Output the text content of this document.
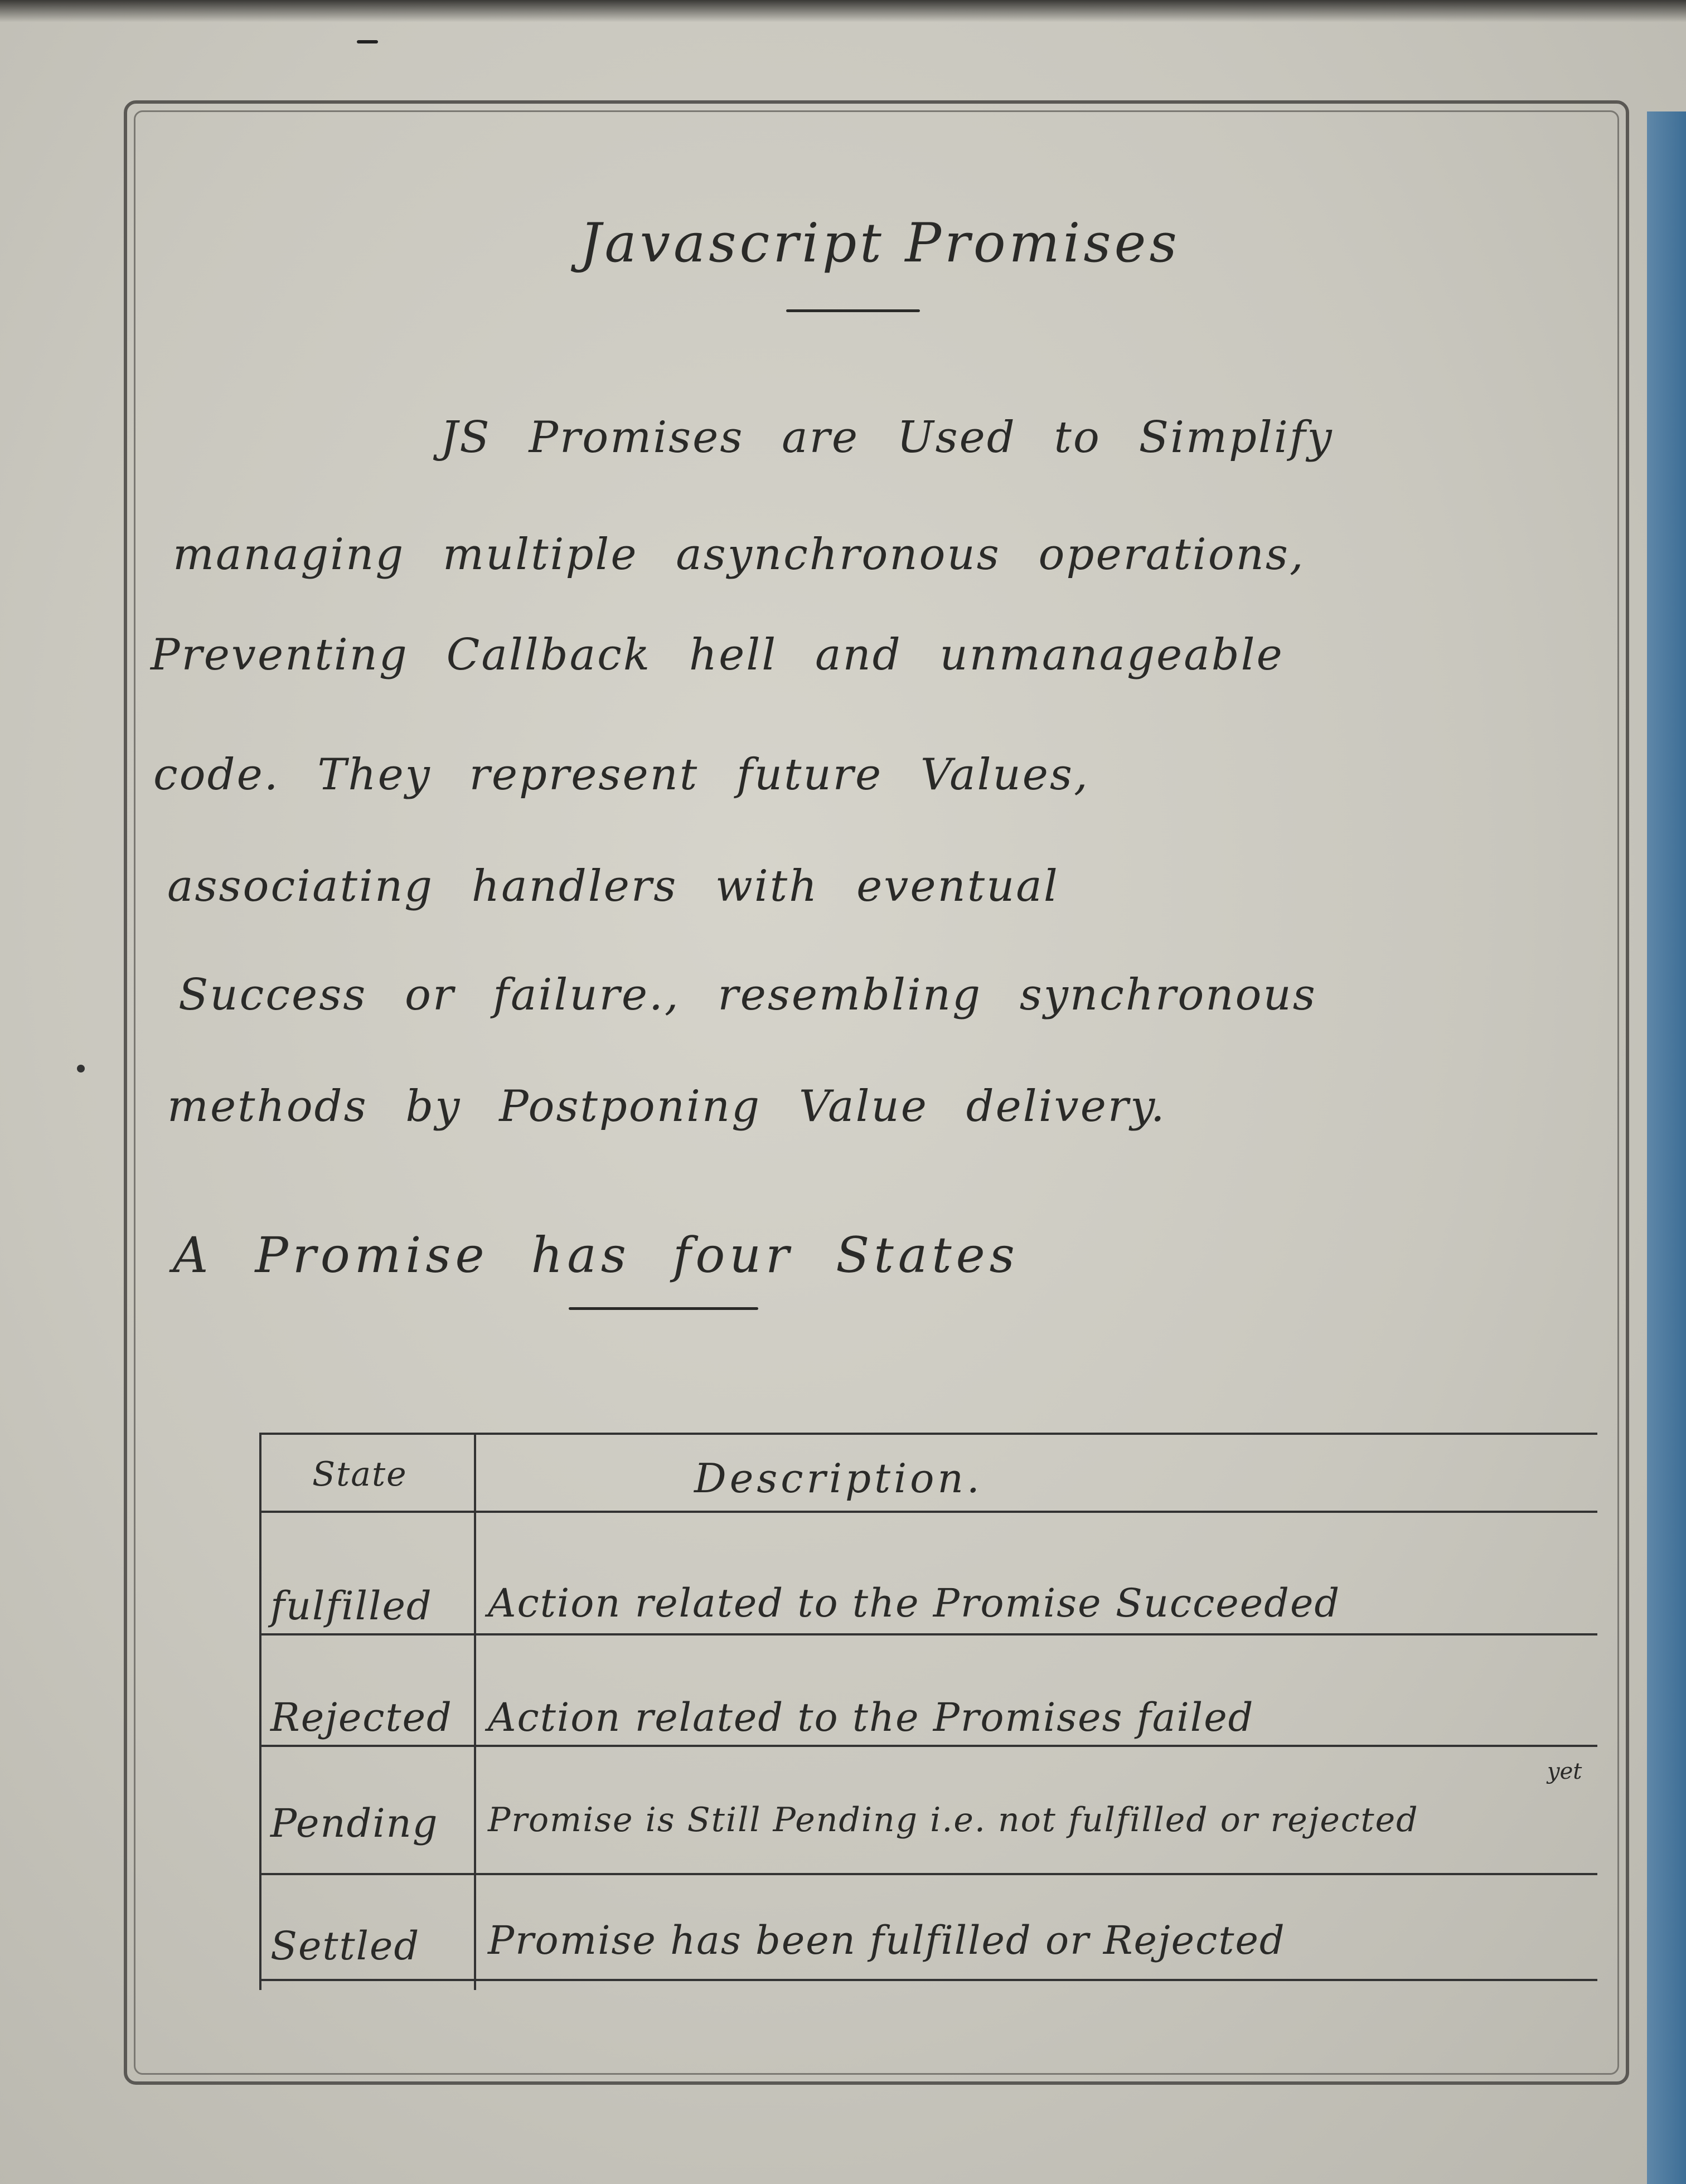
Javascript Promises
JS Promises are Used to Simplify
managing multiple asynchronous operations,
Preventing Callback hell and unmanageable
code. They represent future Values,
associating handlers with eventual
Success or failure., resembling synchronous
methods by Postponing Value delivery.
A Promise has four States
State	Description.
fulfilled Action related to the Promise Succeeded
Rejected Action related to the Promises failed
yet
Pending Promise is Still Pending i.e. not fulfilled or rejected
Settled Promise has been fulfilled or Rejected
